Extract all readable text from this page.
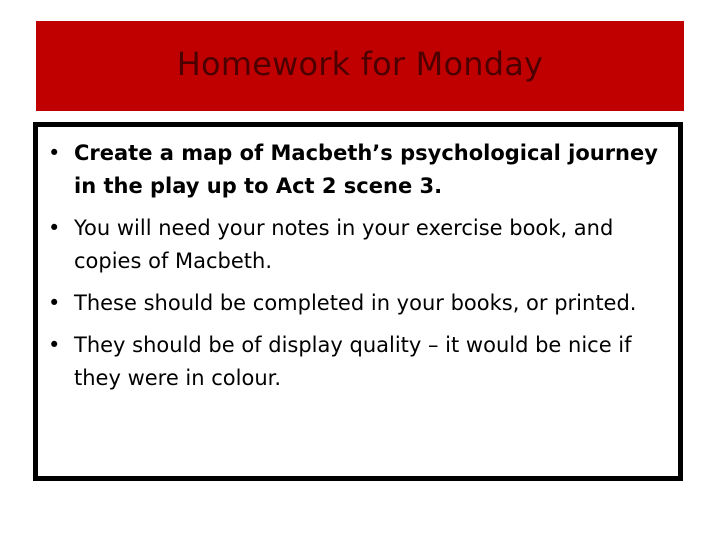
Homework for Monday
• Create a map of Macbeth’s psychological journey in the play up to Act 2 scene 3.
• You will need your notes in your exercise book, and copies of Macbeth.
• These should be completed in your books, or printed.
• They should be of display quality – it would be nice if they were in colour.
